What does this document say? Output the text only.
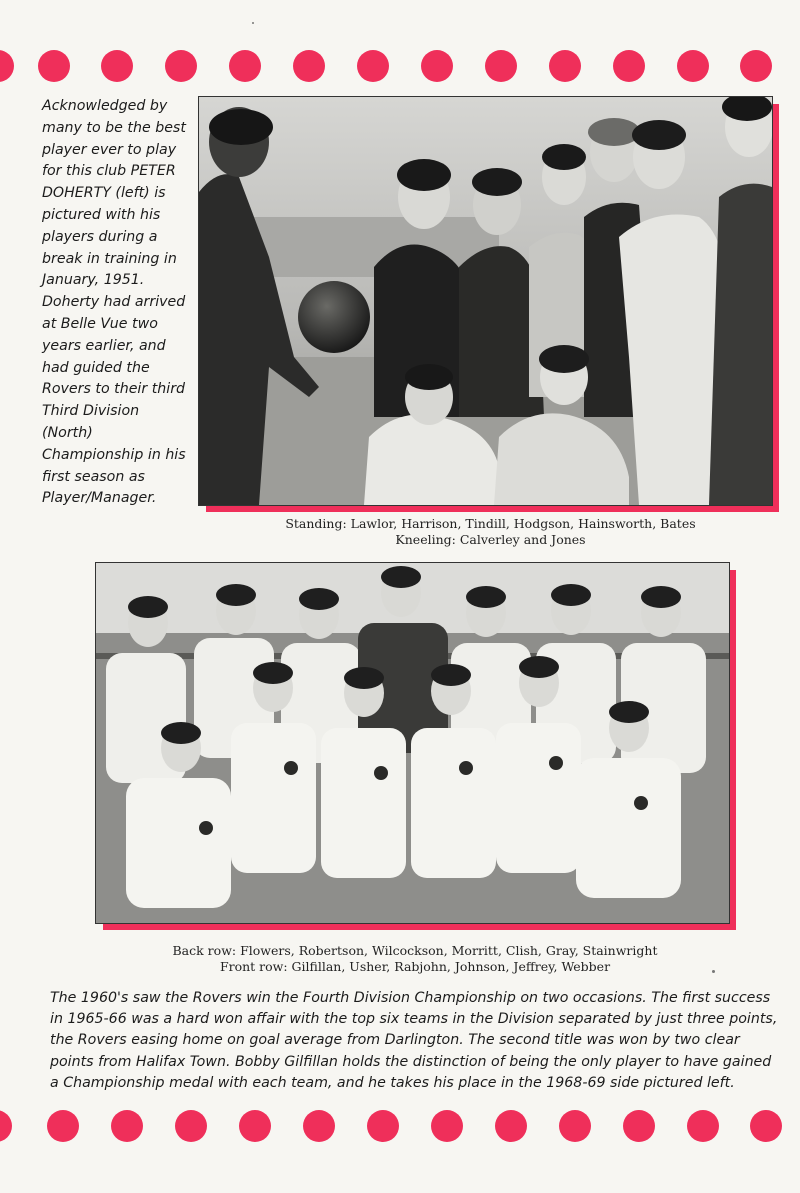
Acknowledged by many to be the best player ever to play for this club PETER DOHERTY (left) is pictured with his players during a break in training in January, 1951. Doherty had arrived at Belle Vue two years earlier, and had guided the Rovers to their third Third Division (North) Championship in his first season as Player/Manager.
Standing: Lawlor, Harrison, Tindill, Hodgson, Hainsworth, Bates
Kneeling: Calverley and Jones
Back row: Flowers, Robertson, Wilcockson, Morritt, Clish, Gray, Stainwright
Front row: Gilfillan, Usher, Rabjohn, Johnson, Jeffrey, Webber
The 1960's saw the Rovers win the Fourth Division Championship on two occasions. The first success in 1965-66 was a hard won affair with the top six teams in the Division separated by just three points, the Rovers easing home on goal average from Darlington. The second title was won by two clear points from Halifax Town. Bobby Gilfillan holds the distinction of being the only player to have gained a Championship medal with each team, and he takes his place in the 1968-69 side pictured left.
